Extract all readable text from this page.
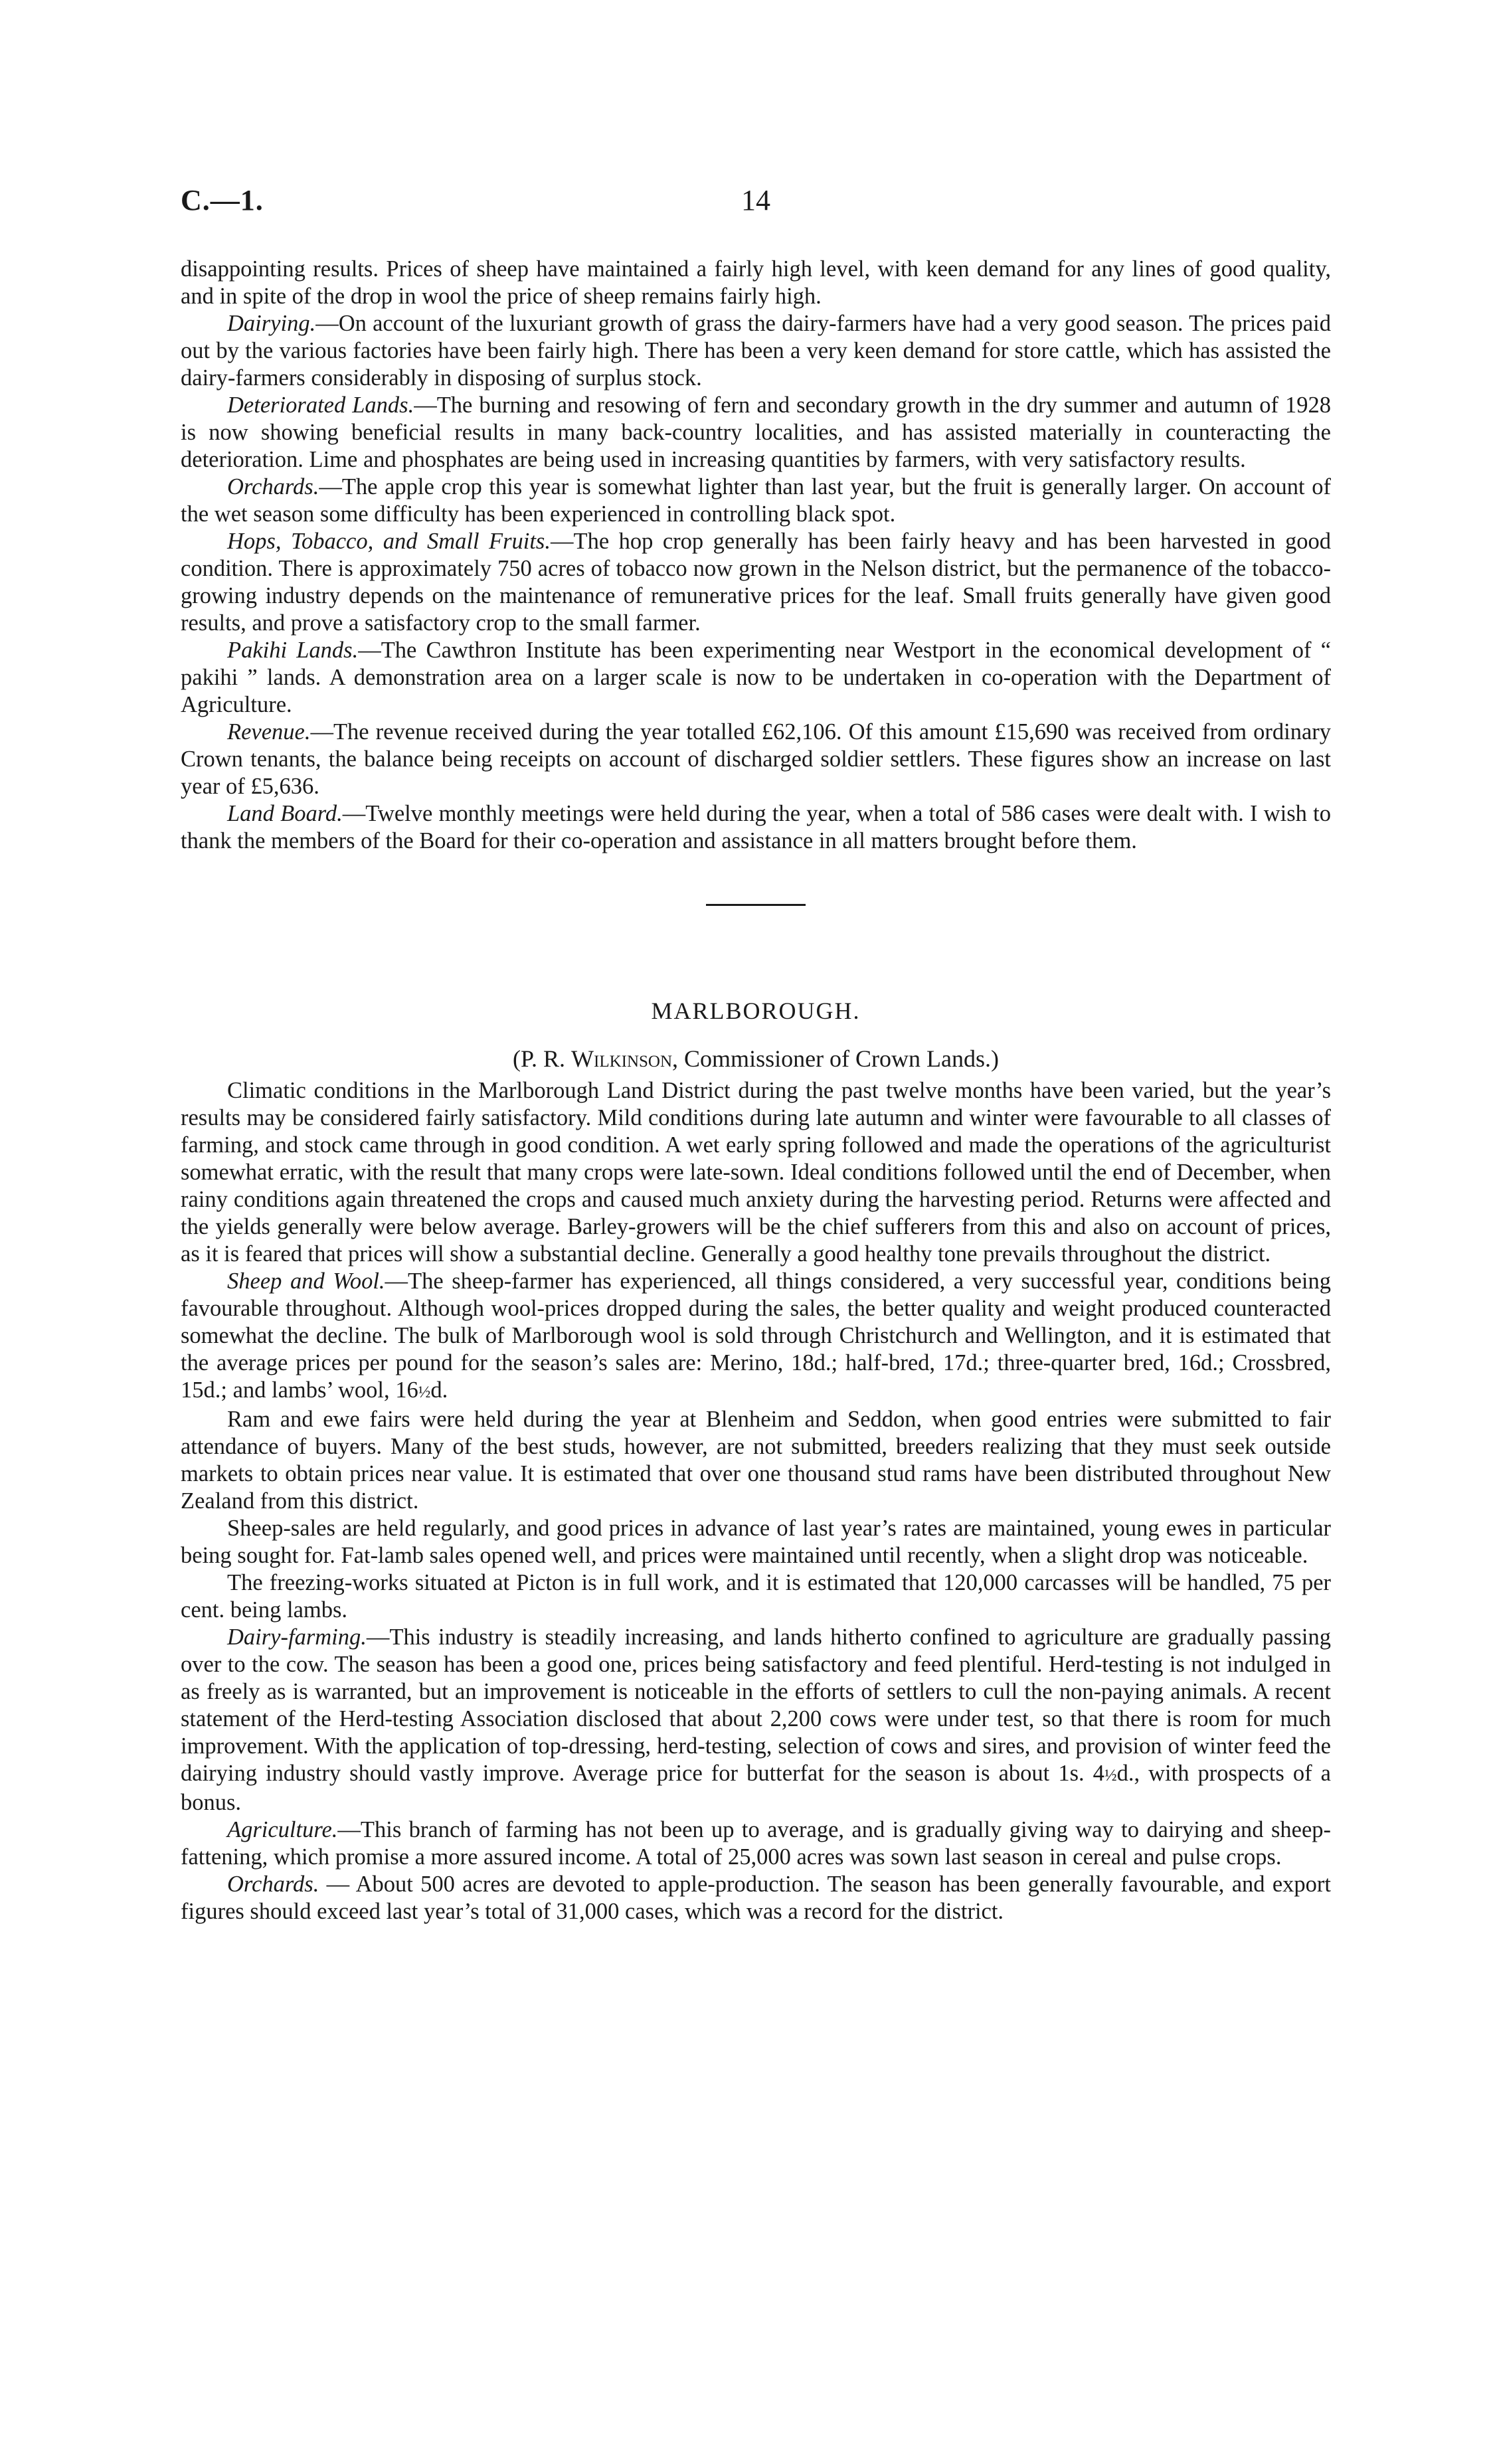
C.—1.	14

disappointing results. Prices of sheep have maintained a fairly high level, with keen demand for any lines of good quality, and in spite of the drop in wool the price of sheep remains fairly high.

Dairying.—On account of the luxuriant growth of grass the dairy-farmers have had a very good season. The prices paid out by the various factories have been fairly high. There has been a very keen demand for store cattle, which has assisted the dairy-farmers considerably in disposing of surplus stock.

Deteriorated Lands.—The burning and resowing of fern and secondary growth in the dry summer and autumn of 1928 is now showing beneficial results in many back-country localities, and has assisted materially in counteracting the deterioration. Lime and phosphates are being used in increasing quantities by farmers, with very satisfactory results.

Orchards.—The apple crop this year is somewhat lighter than last year, but the fruit is generally larger. On account of the wet season some difficulty has been experienced in controlling black spot.

Hops, Tobacco, and Small Fruits.—The hop crop generally has been fairly heavy and has been harvested in good condition. There is approximately 750 acres of tobacco now grown in the Nelson district, but the permanence of the tobacco-growing industry depends on the maintenance of remunerative prices for the leaf. Small fruits generally have given good results, and prove a satisfactory crop to the small farmer.

Pakihi Lands.—The Cawthron Institute has been experimenting near Westport in the economical development of “ pakihi ” lands. A demonstration area on a larger scale is now to be undertaken in co-operation with the Department of Agriculture.

Revenue.—The revenue received during the year totalled £62,106. Of this amount £15,690 was received from ordinary Crown tenants, the balance being receipts on account of discharged soldier settlers. These figures show an increase on last year of £5,636.

Land Board.—Twelve monthly meetings were held during the year, when a total of 586 cases were dealt with. I wish to thank the members of the Board for their co-operation and assistance in all matters brought before them.

MARLBOROUGH.
(P. R. Wilkinson, Commissioner of Crown Lands.)

Climatic conditions in the Marlborough Land District during the past twelve months have been varied, but the year’s results may be considered fairly satisfactory. Mild conditions during late autumn and winter were favourable to all classes of farming, and stock came through in good condition. A wet early spring followed and made the operations of the agriculturist somewhat erratic, with the result that many crops were late-sown. Ideal conditions followed until the end of December, when rainy conditions again threatened the crops and caused much anxiety during the harvesting period. Returns were affected and the yields generally were below average. Barley-growers will be the chief sufferers from this and also on account of prices, as it is feared that prices will show a substantial decline. Generally a good healthy tone prevails throughout the district.

Sheep and Wool.—The sheep-farmer has experienced, all things considered, a very successful year, conditions being favourable throughout. Although wool-prices dropped during the sales, the better quality and weight produced counteracted somewhat the decline. The bulk of Marlborough wool is sold through Christchurch and Wellington, and it is estimated that the average prices per pound for the season’s sales are: Merino, 18d.; half-bred, 17d.; three-quarter bred, 16d.; Crossbred, 15d.; and lambs’ wool, 16½d.

Ram and ewe fairs were held during the year at Blenheim and Seddon, when good entries were submitted to fair attendance of buyers. Many of the best studs, however, are not submitted, breeders realizing that they must seek outside markets to obtain prices near value. It is estimated that over one thousand stud rams have been distributed throughout New Zealand from this district.

Sheep-sales are held regularly, and good prices in advance of last year’s rates are maintained, young ewes in particular being sought for. Fat-lamb sales opened well, and prices were maintained until recently, when a slight drop was noticeable.

The freezing-works situated at Picton is in full work, and it is estimated that 120,000 carcasses will be handled, 75 per cent. being lambs.

Dairy-farming.—This industry is steadily increasing, and lands hitherto confined to agriculture are gradually passing over to the cow. The season has been a good one, prices being satisfactory and feed plentiful. Herd-testing is not indulged in as freely as is warranted, but an improvement is noticeable in the efforts of settlers to cull the non-paying animals. A recent statement of the Herd-testing Association disclosed that about 2,200 cows were under test, so that there is room for much improvement. With the application of top-dressing, herd-testing, selection of cows and sires, and provision of winter feed the dairying industry should vastly improve. Average price for butterfat for the season is about 1s. 4½d., with prospects of a bonus.

Agriculture.—This branch of farming has not been up to average, and is gradually giving way to dairying and sheep-fattening, which promise a more assured income. A total of 25,000 acres was sown last season in cereal and pulse crops.

Orchards. — About 500 acres are devoted to apple-production. The season has been generally favourable, and export figures should exceed last year’s total of 31,000 cases, which was a record for the district.
